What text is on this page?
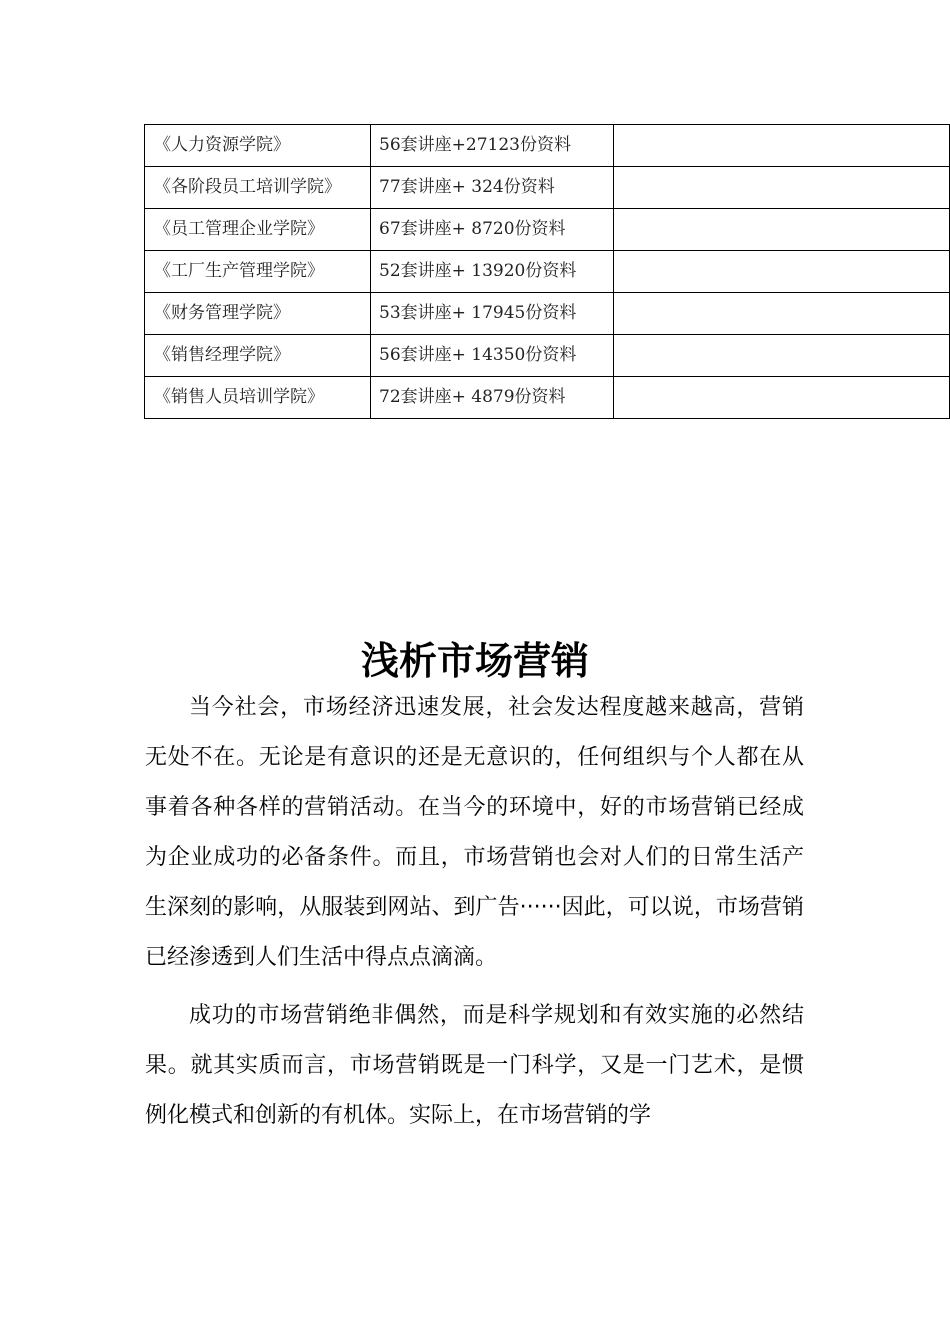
《人力资源学院》	56套讲座+27123份资料	
《各阶段员工培训学院》	77套讲座+ 324份资料	
《员工管理企业学院》	67套讲座+ 8720份资料	
《工厂生产管理学院》	52套讲座+ 13920份资料	
《财务管理学院》	53套讲座+ 17945份资料	
《销售经理学院》	56套讲座+ 14350份资料	
《销售人员培训学院》	72套讲座+ 4879份资料	
浅析市场营销

当今社会，市场经济迅速发展，社会发达程度越来越高，营销无处不在。无论是有意识的还是无意识的，任何组织与个人都在从事着各种各样的营销活动。在当今的环境中，好的市场营销已经成为企业成功的必备条件。而且，市场营销也会对人们的日常生活产生深刻的影响，从服装到网站、到广告······因此，可以说，市场营销已经渗透到人们生活中得点点滴滴。

成功的市场营销绝非偶然，而是科学规划和有效实施的必然结果。就其实质而言，市场营销既是一门科学，又是一门艺术，是惯例化模式和创新的有机体。实际上，在市场营销的学
